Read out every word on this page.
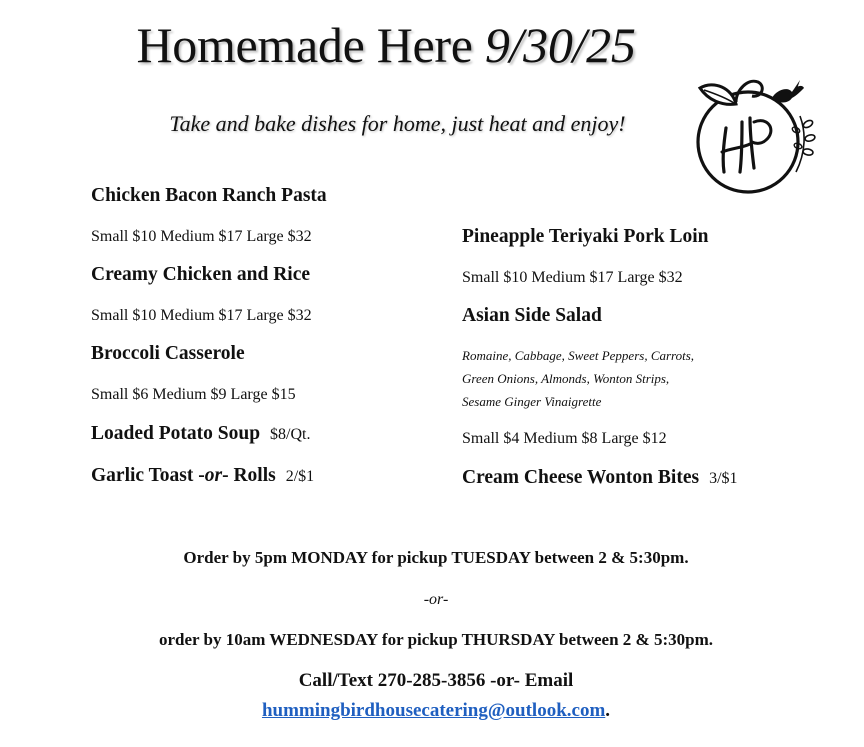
Homemade Here 9/30/25
Take and bake dishes for home, just heat and enjoy!
Chicken Bacon Ranch Pasta
Small $10 Medium $17 Large $32
Creamy Chicken and Rice
Small $10 Medium $17 Large $32
Broccoli Casserole
Small $6 Medium $9 Large $15
Loaded Potato Soup $8/Qt.
Garlic Toast -or- Rolls 2/$1
Pineapple Teriyaki Pork Loin
Small $10 Medium $17 Large $32
Asian Side Salad
Romaine, Cabbage, Sweet Peppers, Carrots,
Green Onions, Almonds, Wonton Strips,
Sesame Ginger Vinaigrette
Small $4 Medium $8 Large $12
Cream Cheese Wonton Bites 3/$1
Order by 5pm MONDAY for pickup TUESDAY between 2 & 5:30pm.
-or-
order by 10am WEDNESDAY for pickup THURSDAY between 2 & 5:30pm.
Call/Text 270-285-3856 -or- Email
hummingbirdhousecatering@outlook.com.
